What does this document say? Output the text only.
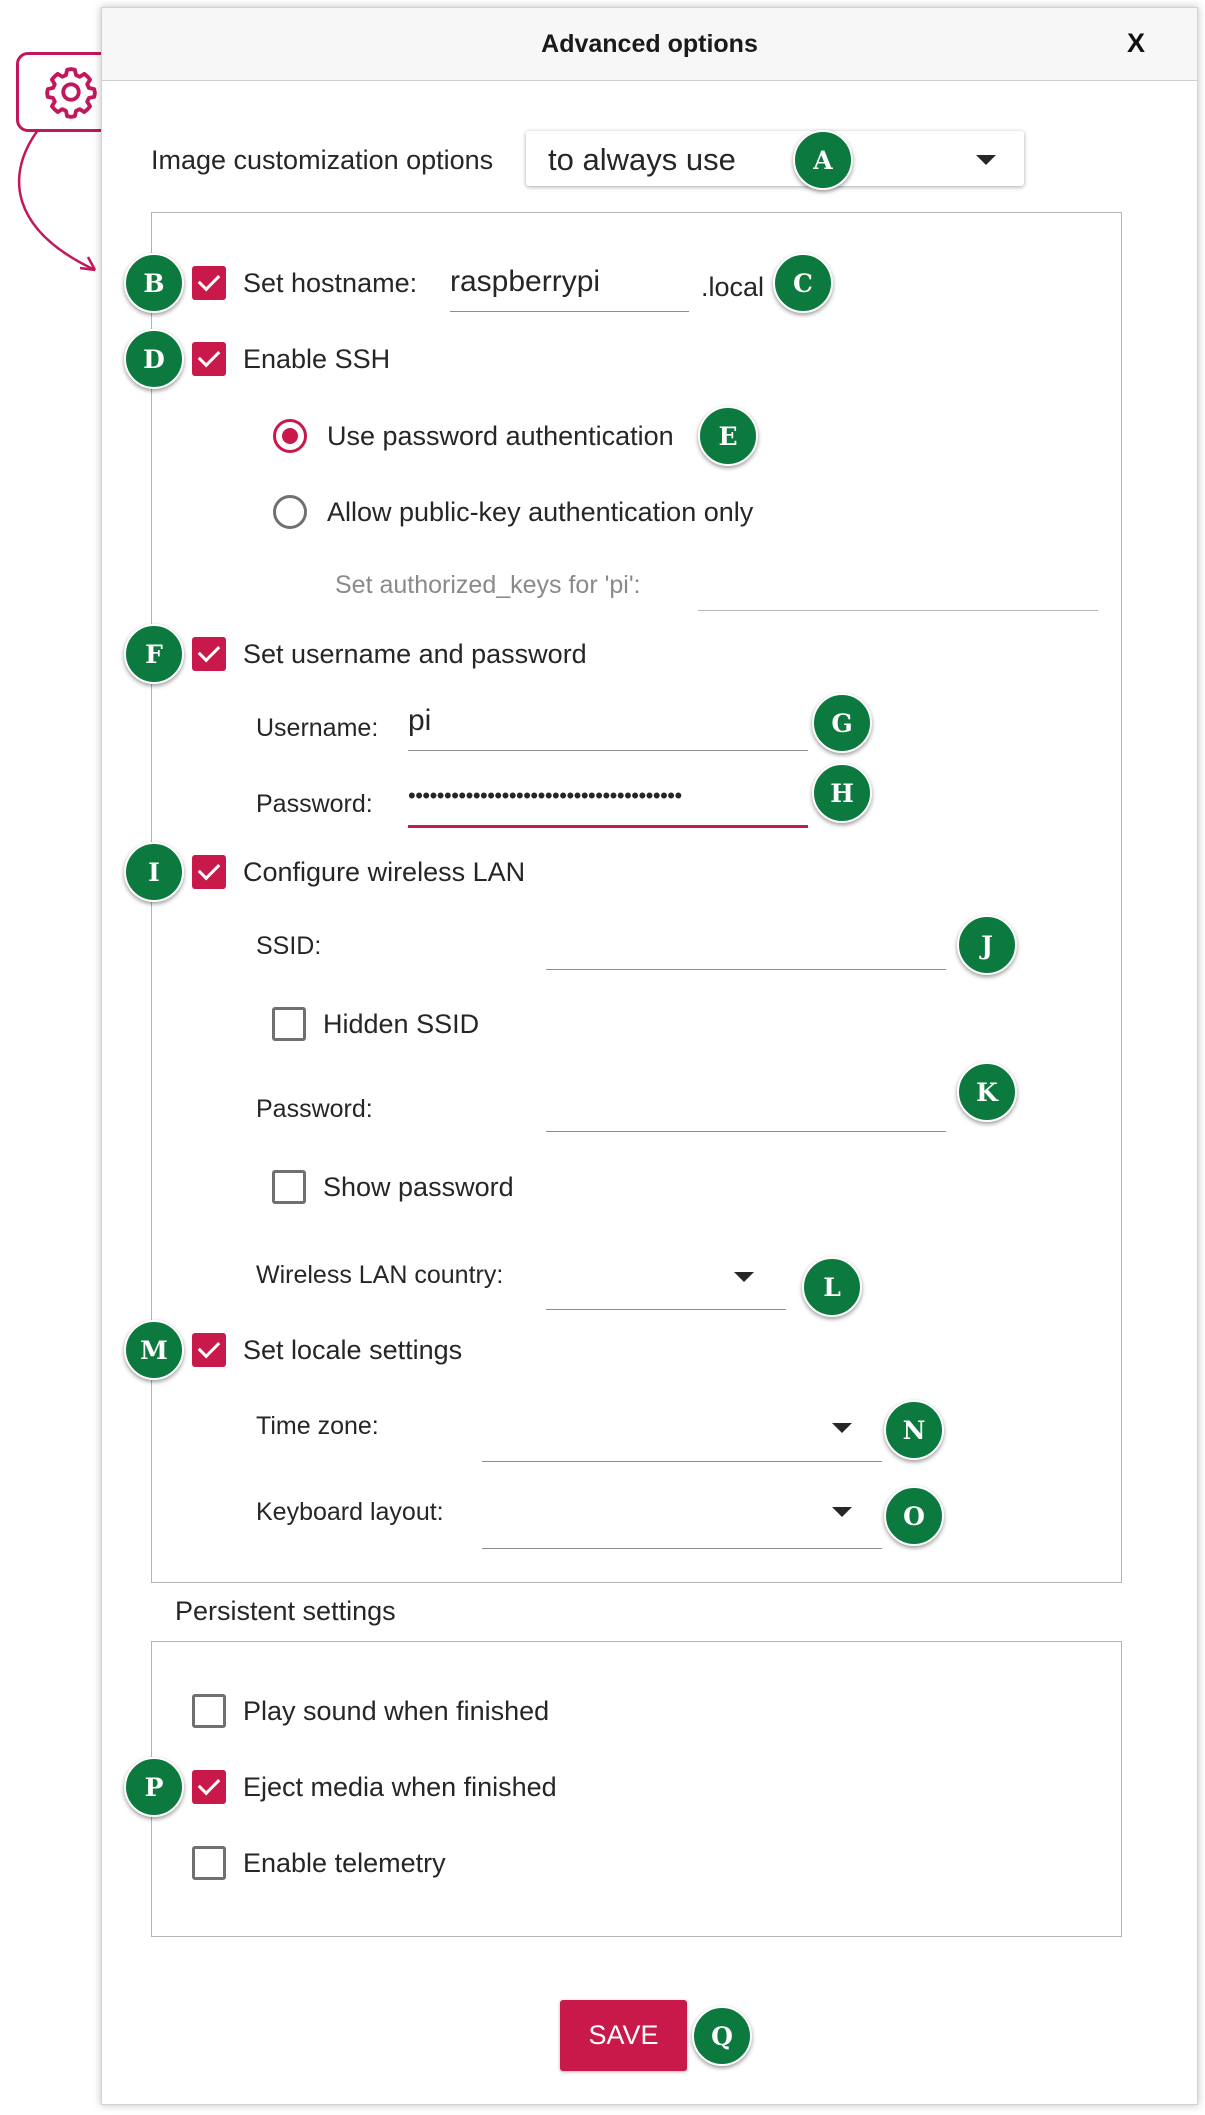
Advanced options	X
Image customization options to always use
Set hostname: raspberrypi	.local
Enable SSH
Use password authentication
Allow public-key authentication only
Set authorized_keys for 'pi':
Set username and password
Username: pi
Password: ••••••••••••••••••••••••••••••••••••••
Configure wireless LAN
SSID:
Hidden SSID
Password:
Show password
Wireless LAN country:
Set locale settings
Time zone:
Keyboard layout:
Persistent settings
Play sound when finished
Eject media when finished
Enable telemetry
SAVE
A
B	C
D
E
F
G
H
I
J
K
L
M
N
O
P
Q
